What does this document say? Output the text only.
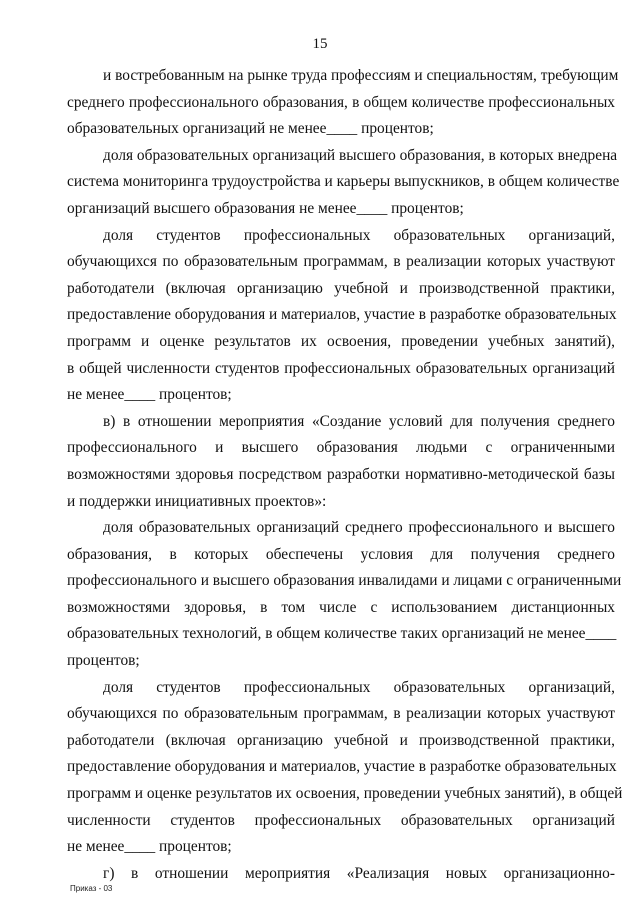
15
и востребованным на рынке труда профессиям и специальностям, требующим
среднего профессионального образования, в общем количестве профессиональных
образовательных организаций не менее____ процентов;
доля образовательных организаций высшего образования, в которых внедрена
система мониторинга трудоустройства и карьеры выпускников, в общем количестве
организаций высшего образования не менее____ процентов;
доля студентов профессиональных образовательных организаций,
обучающихся по образовательным программам, в реализации которых участвуют
работодатели (включая организацию учебной и производственной практики,
предоставление оборудования и материалов, участие в разработке образовательных
программ и оценке результатов их освоения, проведении учебных занятий),
в общей численности студентов профессиональных образовательных организаций
не менее____ процентов;
в) в отношении мероприятия «Создание условий для получения среднего
профессионального и высшего образования людьми с ограниченными
возможностями здоровья посредством разработки нормативно-методической базы
и поддержки инициативных проектов»:
доля образовательных организаций среднего профессионального и высшего
образования, в которых обеспечены условия для получения среднего
профессионального и высшего образования инвалидами и лицами с ограниченными
возможностями здоровья, в том числе с использованием дистанционных
образовательных технологий, в общем количестве таких организаций не менее____
процентов;
доля студентов профессиональных образовательных организаций,
обучающихся по образовательным программам, в реализации которых участвуют
работодатели (включая организацию учебной и производственной практики,
предоставление оборудования и материалов, участие в разработке образовательных
программ и оценке результатов их освоения, проведении учебных занятий), в общей
численности студентов профессиональных образовательных организаций
не менее____ процентов;
г) в отношении мероприятия «Реализация новых организационно-
Приказ - 03
